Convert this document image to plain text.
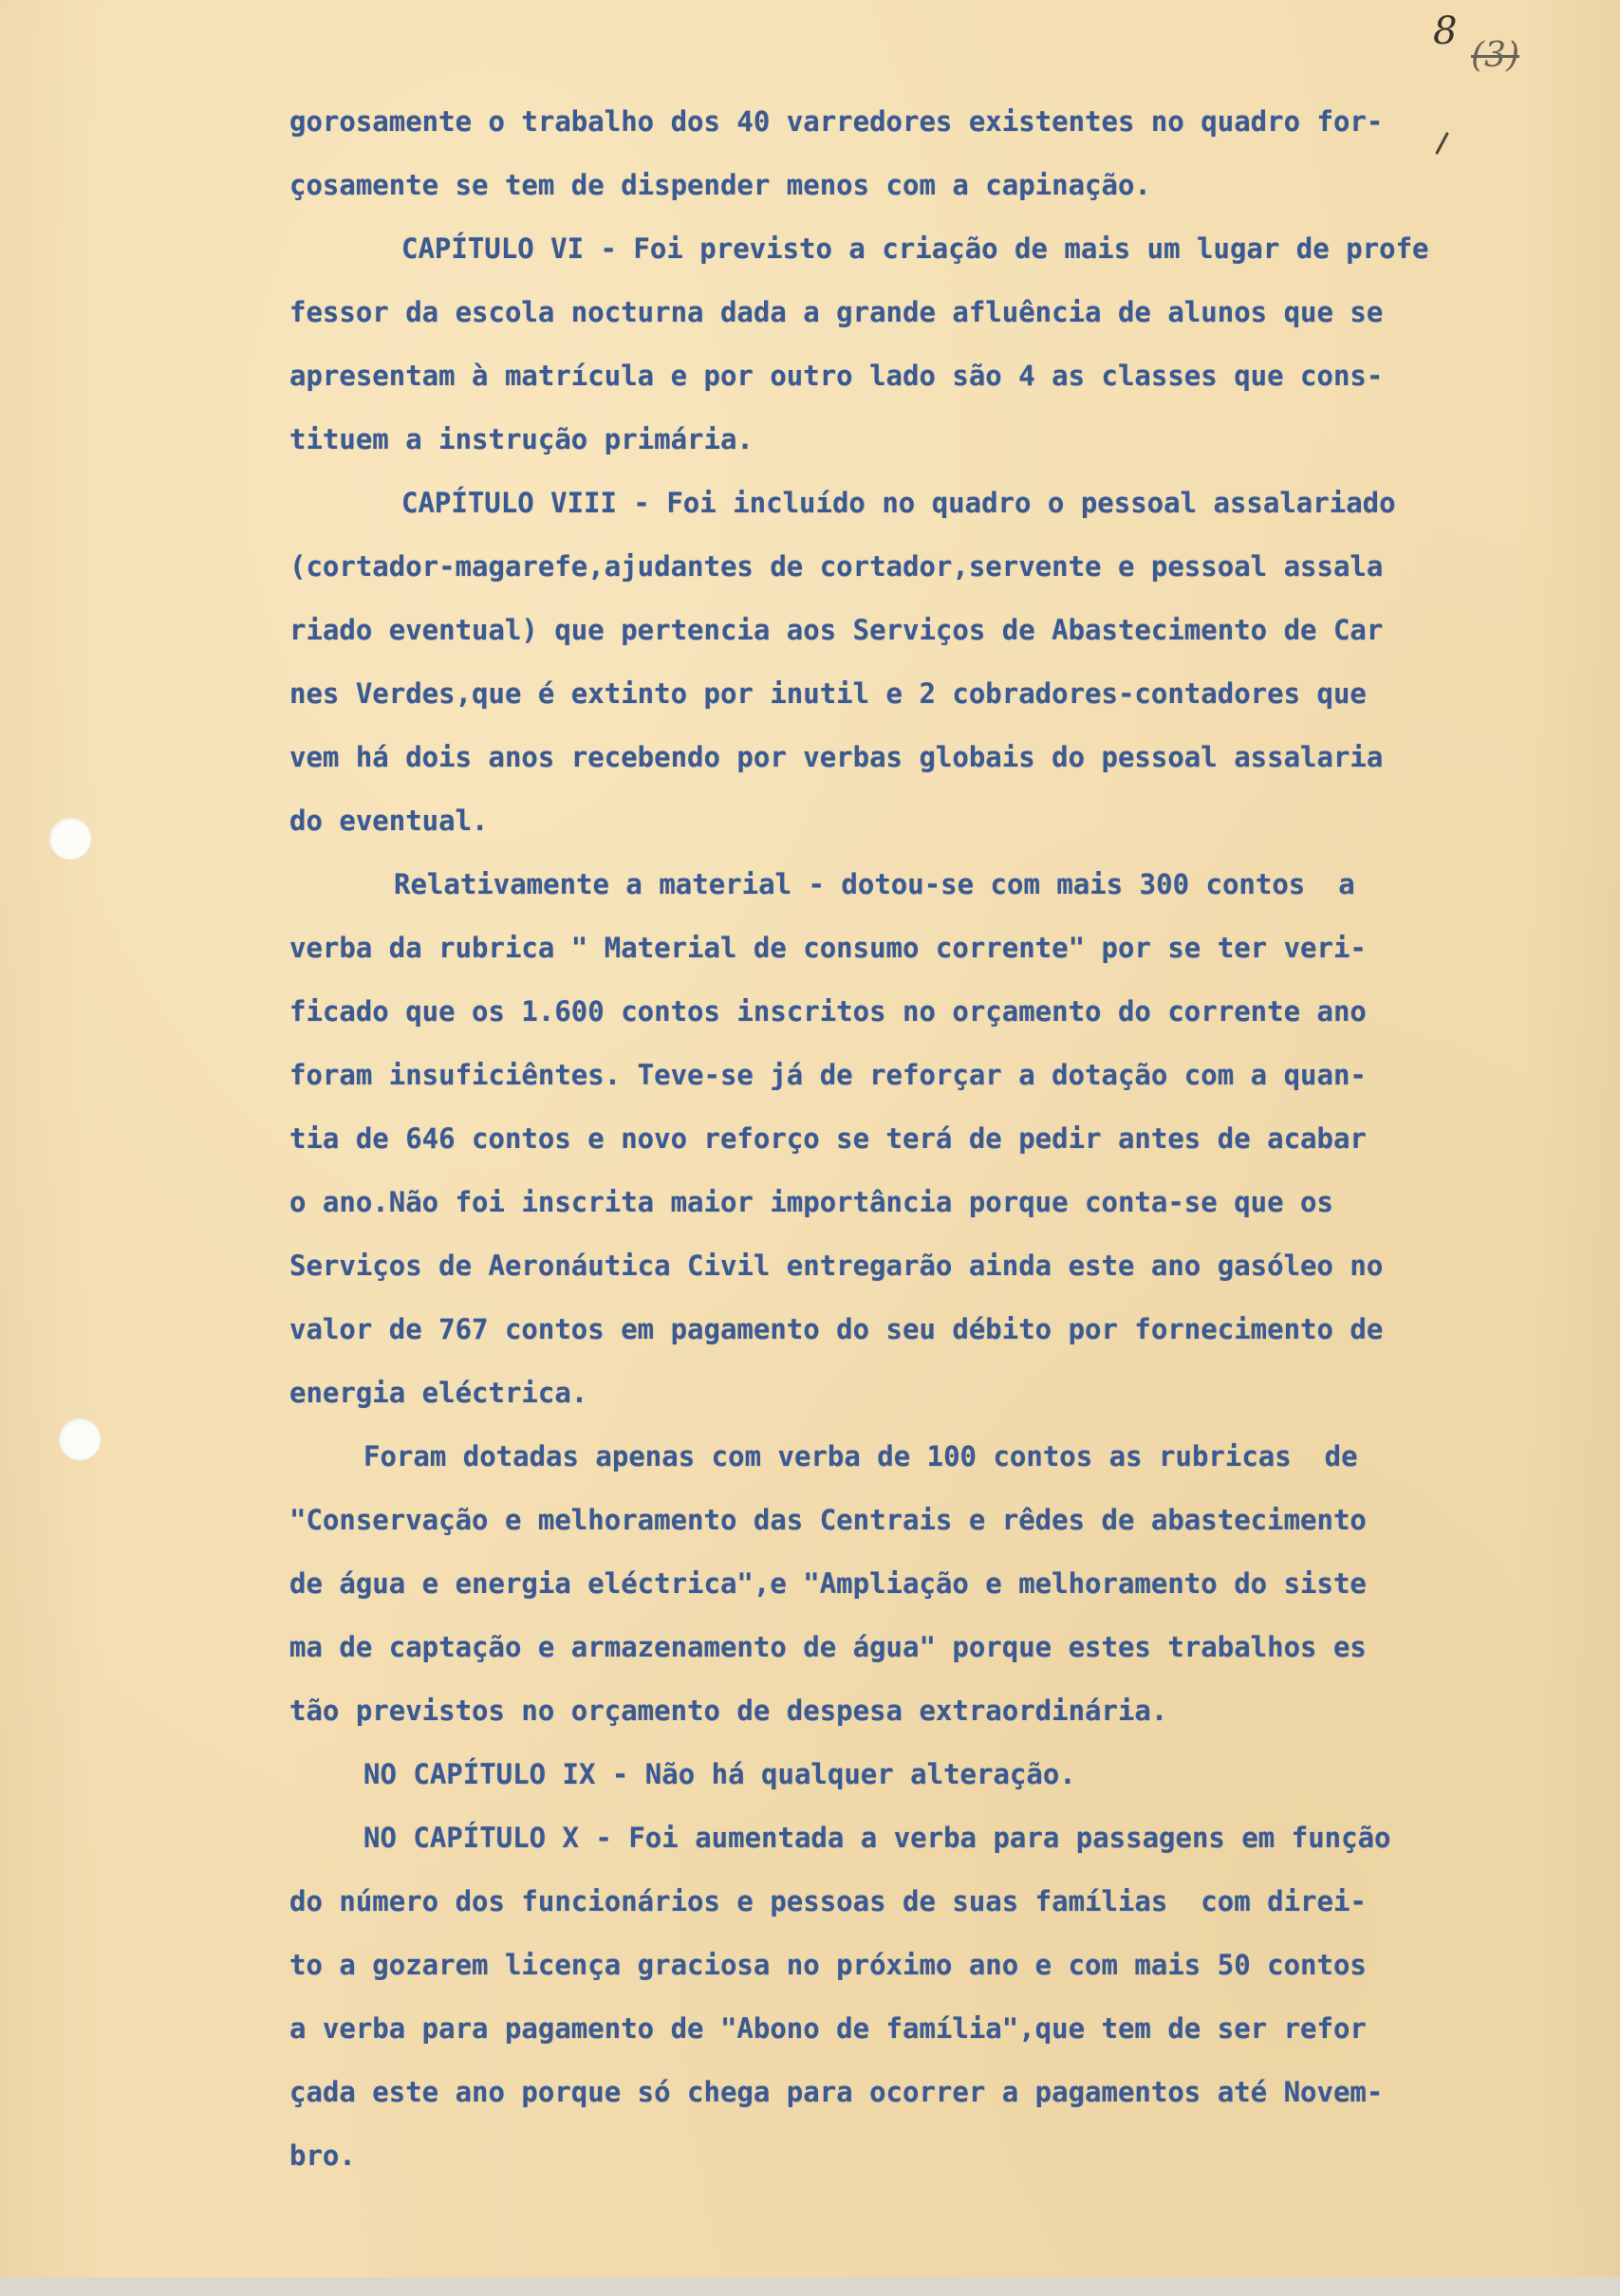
8
(3)
gorosamente o trabalho dos 40 varredores existentes no quadro for-
çosamente se tem de dispender menos com a capinação.
CAPÍTULO VI - Foi previsto a criação de mais um lugar de profe
fessor da escola nocturna dada a grande afluência de alunos que se
apresentam à matrícula e por outro lado são 4 as classes que cons-
tituem a instrução primária.
CAPÍTULO VIII - Foi incluído no quadro o pessoal assalariado
(cortador-magarefe,ajudantes de cortador,servente e pessoal assala
riado eventual) que pertencia aos Serviços de Abastecimento de Car
nes Verdes,que é extinto por inutil e 2 cobradores-contadores que
vem há dois anos recebendo por verbas globais do pessoal assalaria
do eventual.
Relativamente a material - dotou-se com mais 300 contos  a
verba da rubrica " Material de consumo corrente" por se ter veri-
ficado que os 1.600 contos inscritos no orçamento do corrente ano
foram insuficiêntes. Teve-se já de reforçar a dotação com a quan-
tia de 646 contos e novo reforço se terá de pedir antes de acabar
o ano.Não foi inscrita maior importância porque conta-se que os
Serviços de Aeronáutica Civil entregarão ainda este ano gasóleo no
valor de 767 contos em pagamento do seu débito por fornecimento de
energia eléctrica.
Foram dotadas apenas com verba de 100 contos as rubricas  de
"Conservação e melhoramento das Centrais e rêdes de abastecimento
de água e energia eléctrica",e "Ampliação e melhoramento do siste
ma de captação e armazenamento de água" porque estes trabalhos es
tão previstos no orçamento de despesa extraordinária.
NO CAPÍTULO IX - Não há qualquer alteração.
NO CAPÍTULO X - Foi aumentada a verba para passagens em função
do número dos funcionários e pessoas de suas famílias  com direi-
to a gozarem licença graciosa no próximo ano e com mais 50 contos
a verba para pagamento de "Abono de família",que tem de ser refor
çada este ano porque só chega para ocorrer a pagamentos até Novem-
bro.
